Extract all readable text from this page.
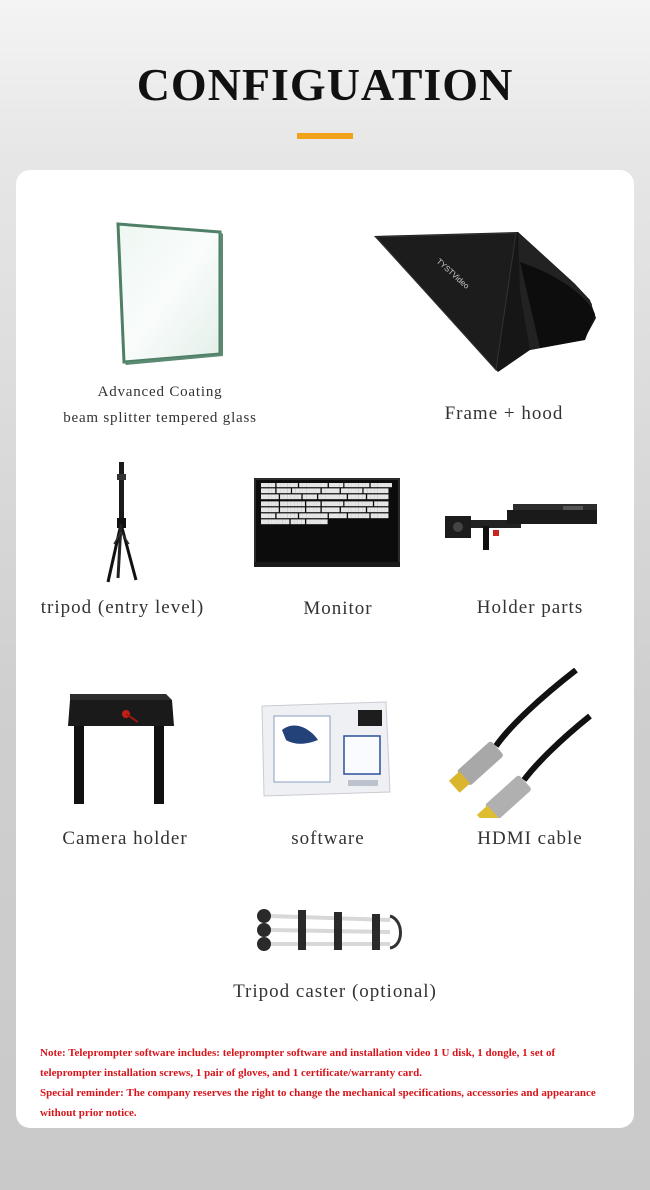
CONFIGUATION
Advanced Coating
beam splitter tempered glass
TYSTVideo
Frame + hood
tripod (entry level)
▇▇▇▇ ▇▇▇▇▇▇ ▇▇▇▇▇▇▇▇ ▇▇▇▇ ▇▇▇▇▇▇▇ ▇▇▇▇▇▇ ▇▇▇▇ ▇▇▇▇ ▇▇▇▇▇▇▇▇ ▇▇▇▇▇ ▇▇▇▇▇▇ ▇▇▇▇▇▇▇ ▇▇▇▇▇ ▇▇▇▇▇▇ ▇▇▇▇ ▇▇▇▇▇▇▇▇ ▇▇▇▇▇ ▇▇▇▇▇▇ ▇▇▇▇▇ ▇▇▇▇▇▇▇ ▇▇▇▇ ▇▇▇▇▇▇ ▇▇▇▇▇▇▇▇ ▇▇▇▇ ▇▇▇▇▇ ▇▇▇▇▇▇▇ ▇▇▇▇ ▇▇▇▇▇ ▇▇▇▇▇▇▇ ▇▇▇▇▇▇ ▇▇▇▇ ▇▇▇▇▇▇ ▇▇▇▇▇▇▇▇ ▇▇▇▇▇ ▇▇▇▇▇▇ ▇▇▇▇▇ ▇▇▇▇▇▇▇▇ ▇▇▇▇ ▇▇▇▇▇▇
Monitor	Holder parts
Camera holder	software	HDMI cable
Tripod caster (optional)

Note: Teleprompter software includes: teleprompter software and installation video 1 U disk, 1 dongle, 1 set of teleprompter installation screws, 1 pair of gloves, and 1 certificate/warranty card.

Special reminder: The company reserves the right to change the mechanical specifications, accessories and appearance without prior notice.
